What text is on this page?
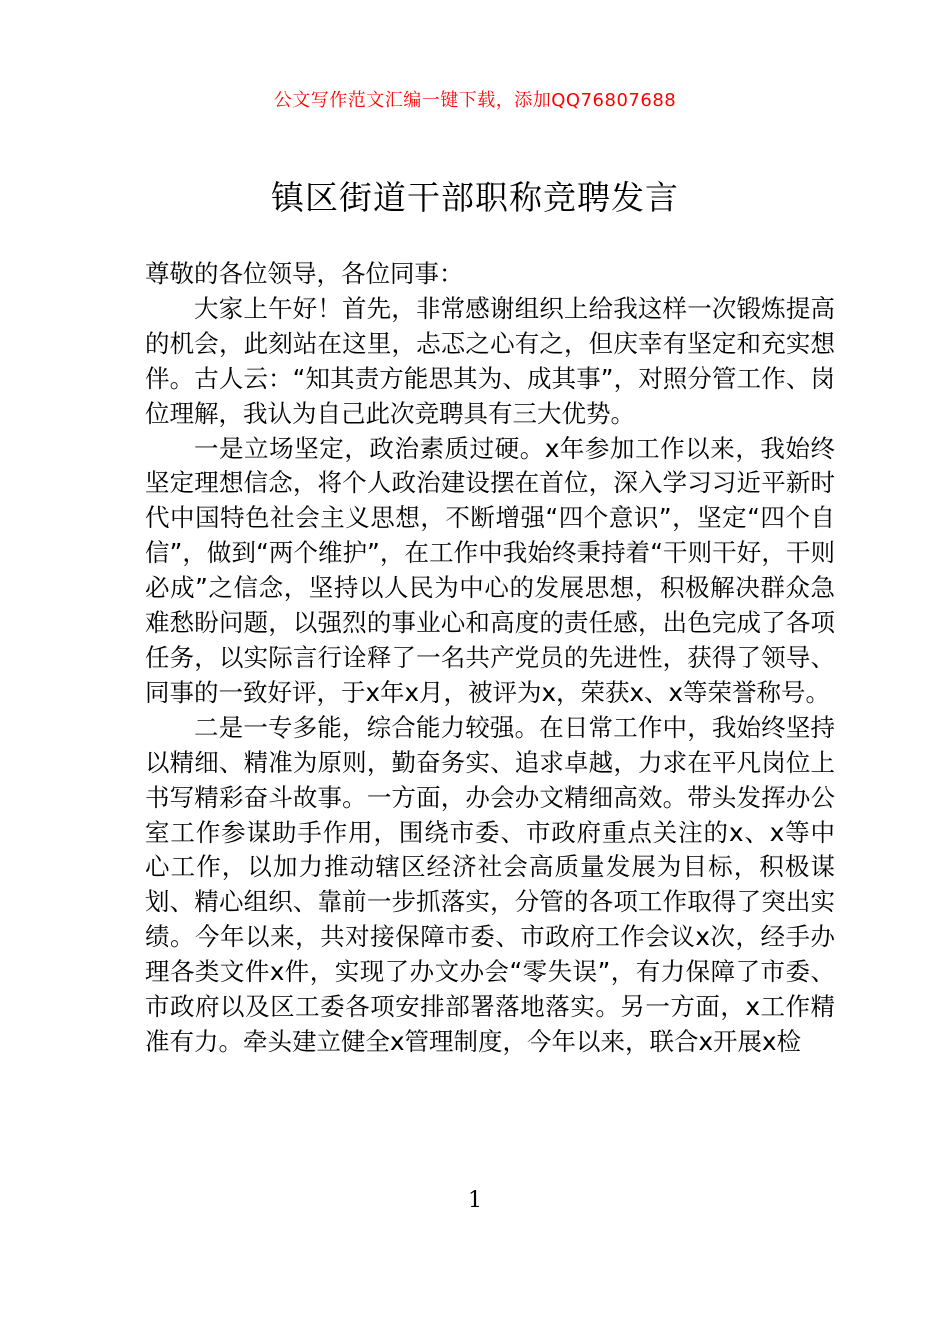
公文写作范文汇编一键下载，添加QQ76807688
镇区街道干部职称竞聘发言

尊敬的各位领导，各位同事：

大家上午好！首先，非常感谢组织上给我这样一次锻炼提高的机会，此刻站在这里，忐忑之心有之，但庆幸有坚定和充实想伴。古人云：“知其责方能思其为、成其事”，对照分管工作、岗位理解，我认为自己此次竞聘具有三大优势。

一是立场坚定，政治素质过硬。x年参加工作以来，我始终坚定理想信念，将个人政治建设摆在首位，深入学习习近平新时代中国特色社会主义思想，不断增强“四个意识”，坚定“四个自信”，做到“两个维护”，在工作中我始终秉持着“干则干好，干则必成”之信念，坚持以人民为中心的发展思想，积极解决群众急难愁盼问题，以强烈的事业心和高度的责任感，出色完成了各项任务，以实际言行诠释了一名共产党员的先进性，获得了领导、同事的一致好评，于x年x月，被评为x，荣获x、x等荣誉称号。

二是一专多能，综合能力较强。在日常工作中，我始终坚持以精细、精准为原则，勤奋务实、追求卓越，力求在平凡岗位上书写精彩奋斗故事。一方面，办会办文精细高效。带头发挥办公室工作参谋助手作用，围绕市委、市政府重点关注的x、x等中心工作，以加力推动辖区经济社会高质量发展为目标，积极谋划、精心组织、靠前一步抓落实，分管的各项工作取得了突出实绩。今年以来，共对接保障市委、市政府工作会议x次，经手办理各类文件x件，实现了办文办会“零失误”，有力保障了市委、市政府以及区工委各项安排部署落地落实。另一方面，x工作精准有力。牵头建立健全x管理制度，今年以来，联合x开展x检

1
